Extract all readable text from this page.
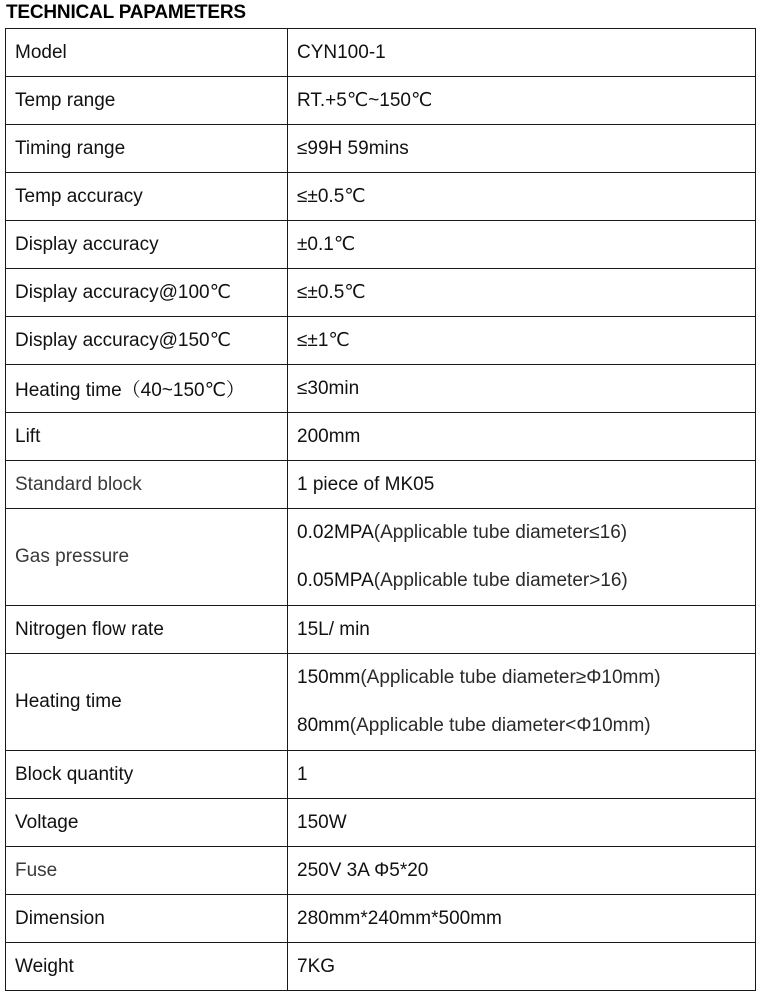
TECHNICAL PAPAMETERS
Model	CYN100-1
Temp range	RT.+5℃~150℃
Timing range	≤99H 59mins
Temp accuracy	≤±0.5℃
Display accuracy	±0.1℃
Display accuracy@100℃	≤±0.5℃
Display accuracy@150℃	≤±1℃
Heating time（40~150℃）	≤30min
Lift	200mm
Standard block	1 piece of MK05
Gas pressure	0.02MPA(Applicable tube diameter≤16)
0.05MPA(Applicable tube diameter>16)

Nitrogen flow rate	15L/ min
Heating time	150mm(Applicable tube diameter≥Φ10mm)
80mm(Applicable tube diameter<Φ10mm)

Block quantity	1
Voltage	150W
Fuse	250V 3A Φ5*20
Dimension	280mm*240mm*500mm
Weight	7KG
